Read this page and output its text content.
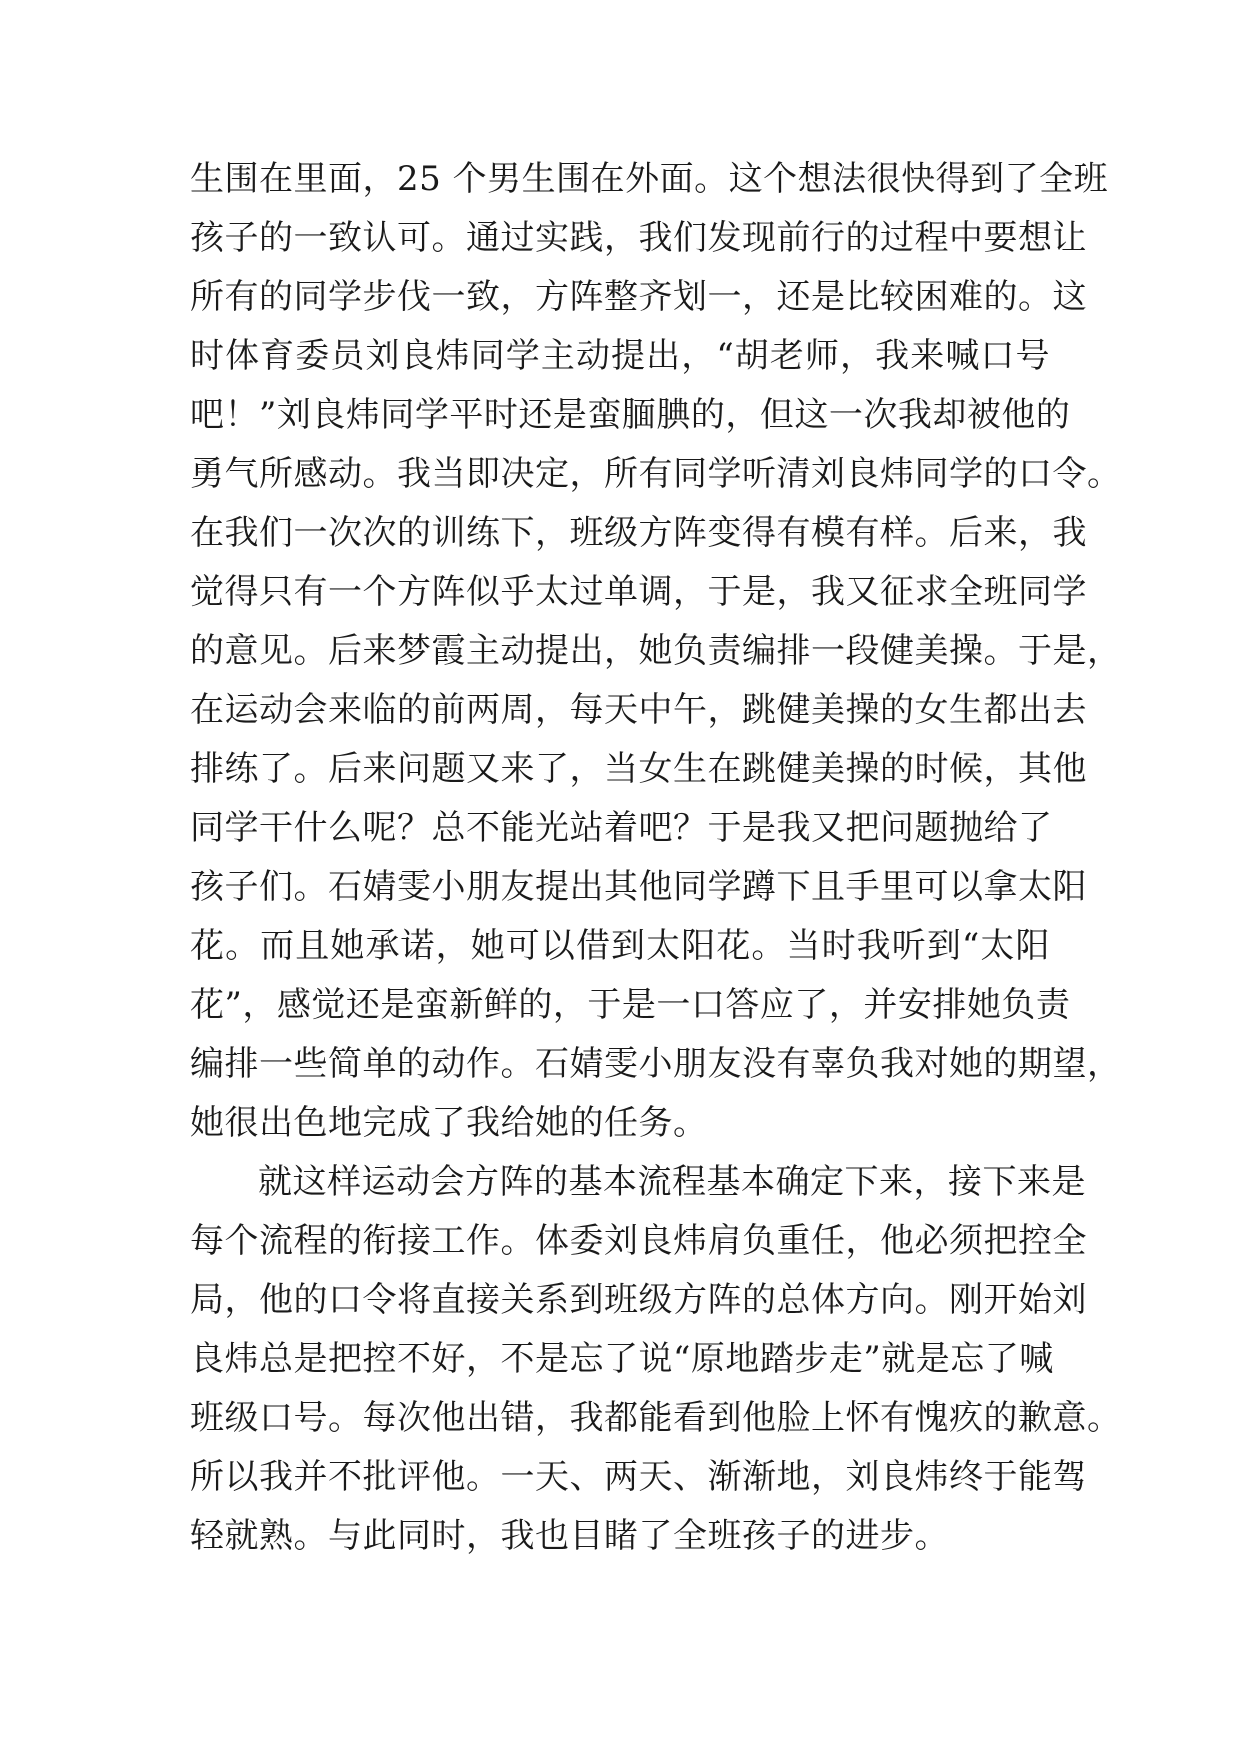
生围在里面，25 个男生围在外面。这个想法很快得到了全班
孩子的一致认可。通过实践，我们发现前行的过程中要想让
所有的同学步伐一致，方阵整齐划一，还是比较困难的。这
时体育委员刘良炜同学主动提出，“胡老师，我来喊口号
吧！”刘良炜同学平时还是蛮腼腆的，但这一次我却被他的
勇气所感动。我当即决定，所有同学听清刘良炜同学的口令。
在我们一次次的训练下，班级方阵变得有模有样。后来，我
觉得只有一个方阵似乎太过单调，于是，我又征求全班同学
的意见。后来梦霞主动提出，她负责编排一段健美操。于是，
在运动会来临的前两周，每天中午，跳健美操的女生都出去
排练了。后来问题又来了，当女生在跳健美操的时候，其他
同学干什么呢？总不能光站着吧？于是我又把问题抛给了
孩子们。石婧雯小朋友提出其他同学蹲下且手里可以拿太阳
花。而且她承诺，她可以借到太阳花。当时我听到“太阳
花”，感觉还是蛮新鲜的，于是一口答应了，并安排她负责
编排一些简单的动作。石婧雯小朋友没有辜负我对她的期望，
她很出色地完成了我给她的任务。
就这样运动会方阵的基本流程基本确定下来，接下来是
每个流程的衔接工作。体委刘良炜肩负重任，他必须把控全
局，他的口令将直接关系到班级方阵的总体方向。刚开始刘
良炜总是把控不好，不是忘了说“原地踏步走”就是忘了喊
班级口号。每次他出错，我都能看到他脸上怀有愧疚的歉意。
所以我并不批评他。一天、两天、渐渐地，刘良炜终于能驾
轻就熟。与此同时，我也目睹了全班孩子的进步。
